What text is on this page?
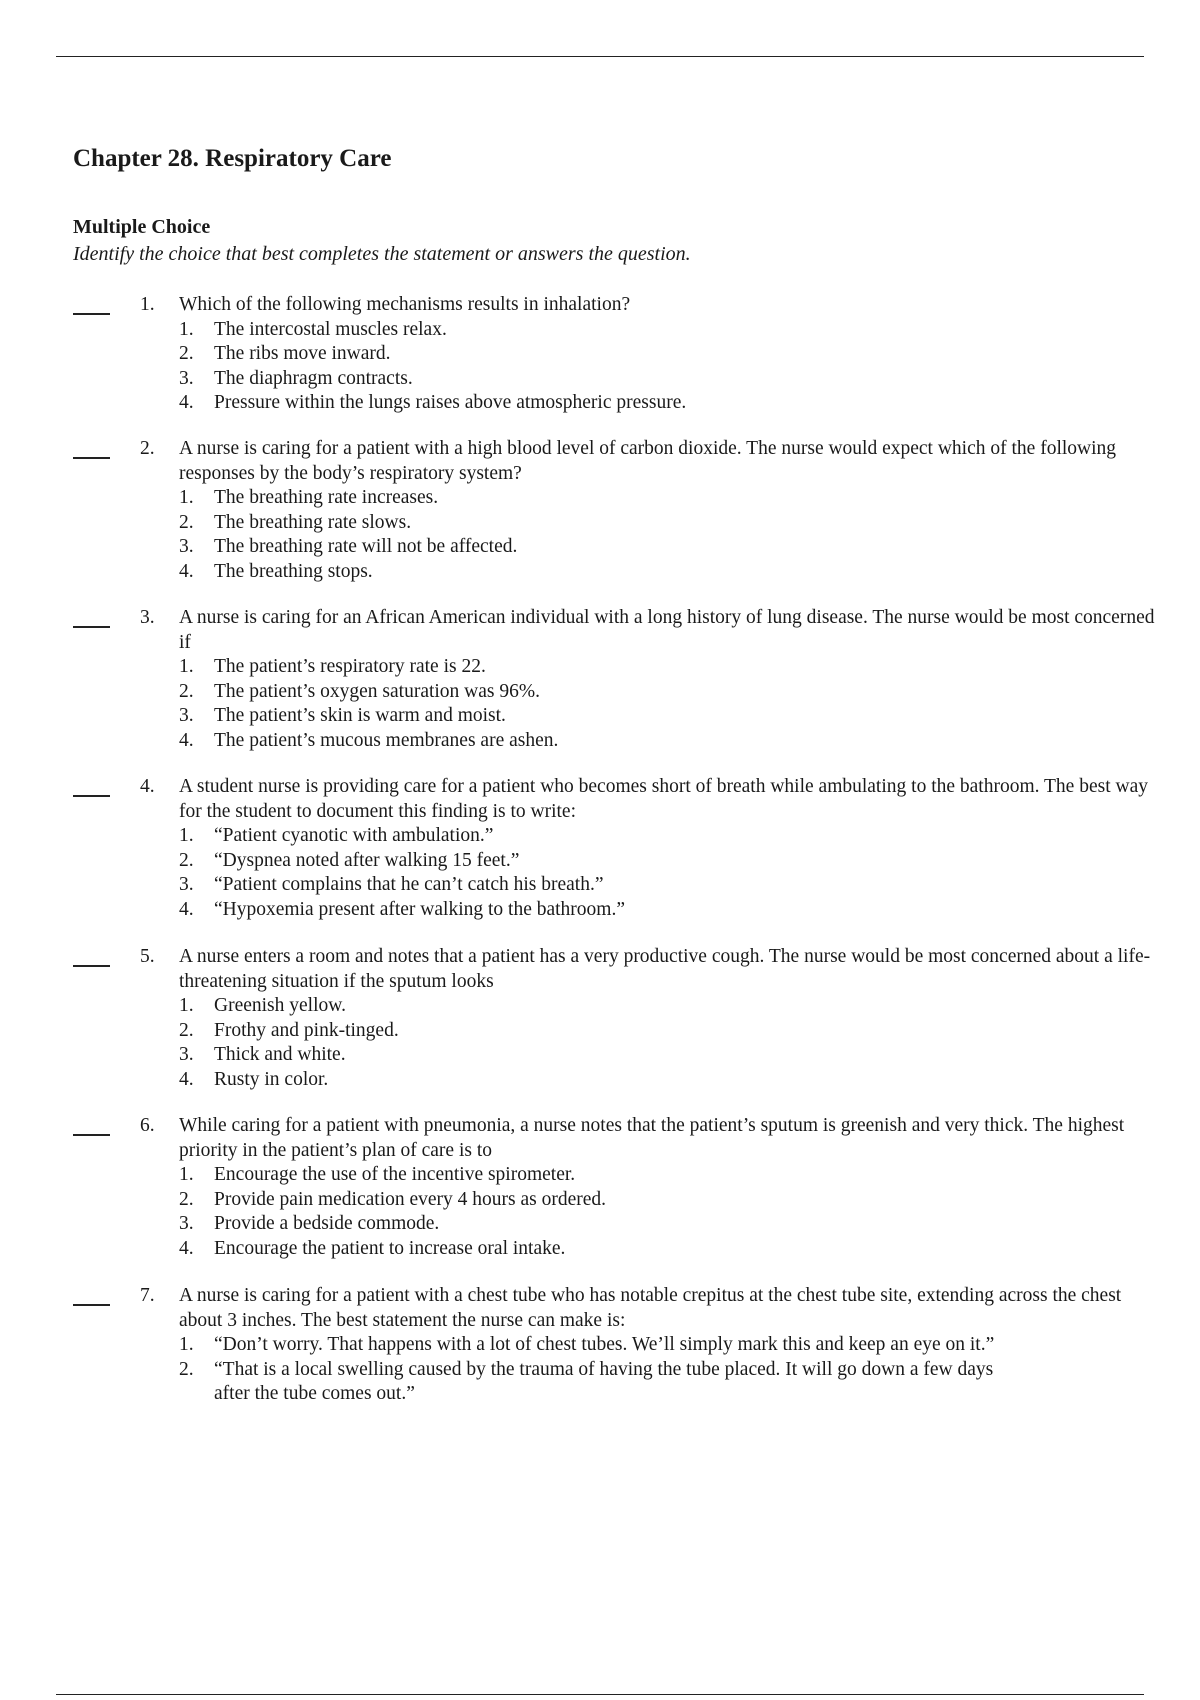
Chapter 28. Respiratory Care
Multiple Choice
Identify the choice that best completes the statement or answers the question.
1. Which of the following mechanisms results in inhalation?
1. The intercostal muscles relax.
2. The ribs move inward.
3. The diaphragm contracts.
4. Pressure within the lungs raises above atmospheric pressure.
2. A nurse is caring for a patient with a high blood level of carbon dioxide. The nurse would expect which of the following responses by the body’s respiratory system?
1. The breathing rate increases.
2. The breathing rate slows.
3. The breathing rate will not be affected.
4. The breathing stops.
3. A nurse is caring for an African American individual with a long history of lung disease. The nurse would be most concerned if
1. The patient’s respiratory rate is 22.
2. The patient’s oxygen saturation was 96%.
3. The patient’s skin is warm and moist.
4. The patient’s mucous membranes are ashen.
4. A student nurse is providing care for a patient who becomes short of breath while ambulating to the bathroom. The best way for the student to document this finding is to write:
1. “Patient cyanotic with ambulation.”
2. “Dyspnea noted after walking 15 feet.”
3. “Patient complains that he can’t catch his breath.”
4. “Hypoxemia present after walking to the bathroom.”
5. A nurse enters a room and notes that a patient has a very productive cough. The nurse would be most concerned about a life-threatening situation if the sputum looks
1. Greenish yellow.
2. Frothy and pink-tinged.
3. Thick and white.
4. Rusty in color.
6. While caring for a patient with pneumonia, a nurse notes that the patient’s sputum is greenish and very thick. The highest priority in the patient’s plan of care is to
1. Encourage the use of the incentive spirometer.
2. Provide pain medication every 4 hours as ordered.
3. Provide a bedside commode.
4. Encourage the patient to increase oral intake.
7. A nurse is caring for a patient with a chest tube who has notable crepitus at the chest tube site, extending across the chest about 3 inches. The best statement the nurse can make is:
1. “Don’t worry. That happens with a lot of chest tubes. We’ll simply mark this and keep an eye on it.”
2. “That is a local swelling caused by the trauma of having the tube placed. It will go down a few days after the tube comes out.”
